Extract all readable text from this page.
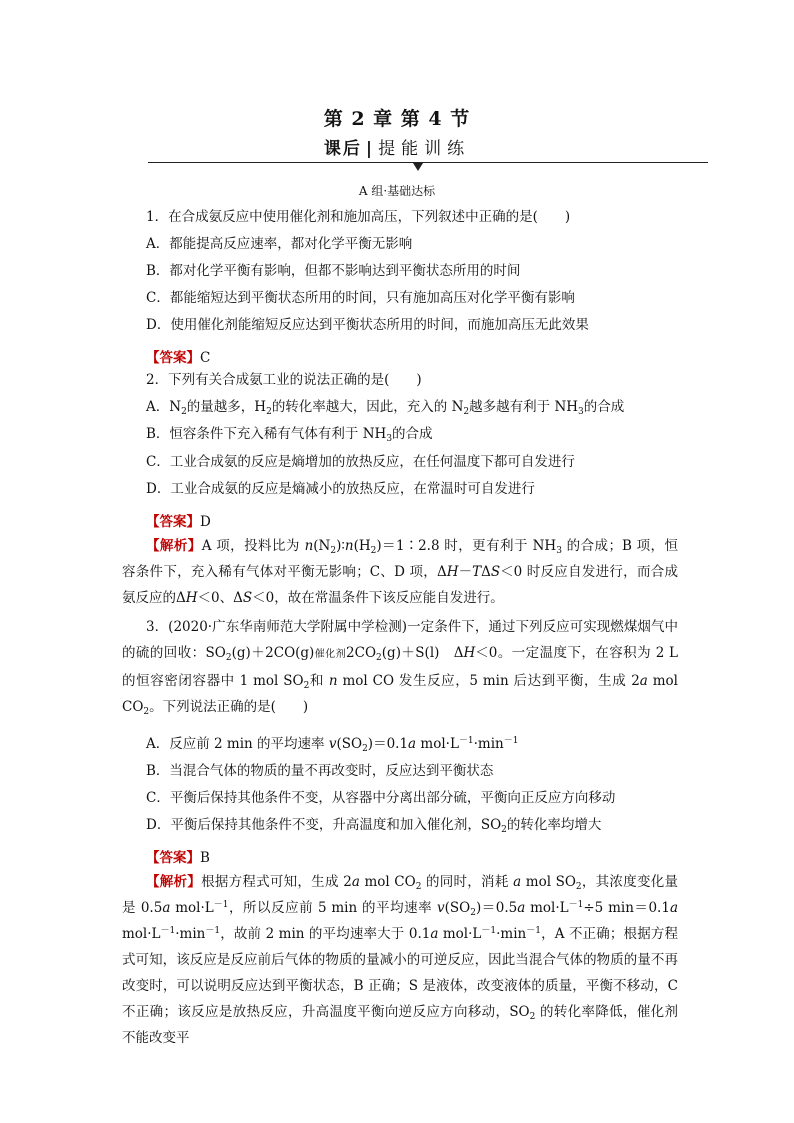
第 2 章 第 4 节
课后 | 提能训练
A 组·基础达标
1．在合成氨反应中使用催化剂和施加高压，下列叙述中正确的是(　　)
A．都能提高反应速率，都对化学平衡无影响
B．都对化学平衡有影响，但都不影响达到平衡状态所用的时间
C．都能缩短达到平衡状态所用的时间，只有施加高压对化学平衡有影响
D．使用催化剂能缩短反应达到平衡状态所用的时间，而施加高压无此效果
【答案】C
2．下列有关合成氨工业的说法正确的是(　　)
A．$N_2$的量越多，$H_2$的转化率越大，因此，充入的 $N_2$越多越有利于 $NH_3$的合成
B．恒容条件下充入稀有气体有利于 $NH_3$的合成
C．工业合成氨的反应是熵增加的放热反应，在任何温度下都可自发进行
D．工业合成氨的反应是熵减小的放热反应，在常温时可自发进行
【答案】D
【解析】A 项，投料比为 $n(N_2)∶n(H_2)=1∶2.8$ 时，更有利于 $NH_3$ 的合成；B 项，恒容条件下，充入稀有气体对平衡无影响；C、D 项，ΔH－TΔS＜0 时反应自发进行，而合成氨反应的ΔH＜0、ΔS＜0，故在常温条件下该反应能自发进行。
3．(2020·广东华南师范大学附属中学检测)一定条件下，通过下列反应可实现燃煤烟气中的硫的回收：$SO_2(g)+2CO(g)$催化剂$2CO_2(g)+S(l)$　ΔH＜0。一定温度下，在容积为 2 L 的恒容密闭容器中 1 mol $SO_2$和 n mol CO 发生反应，5 min 后达到平衡，生成 2a mol $CO_2$。下列说法正确的是(　　)
A．反应前 2 min 的平均速率 $v(SO_2)=0.1a$ $mol\cdot L^{-1}\cdot\min^{-1}$
B．当混合气体的物质的量不再改变时，反应达到平衡状态
C．平衡后保持其他条件不变，从容器中分离出部分硫，平衡向正反应方向移动
D．平衡后保持其他条件不变，升高温度和加入催化剂，$SO_2$的转化率均增大
【答案】B
【解析】根据方程式可知，生成 2a mol $CO_2$ 的同时，消耗 a mol $SO_2$，其浓度变化量是 0.5a $mol\cdot L^{-1}$，所以反应前 5 min 的平均速率 $v(SO_2)=0.5a$ $mol\cdot L^{-1}\div 5$ min＝0.1a $mol\cdot L^{-1}\cdot\min^{-1}$，故前 2 min 的平均速率大于 0.1a $mol\cdot L^{-1}\cdot\min^{-1}$，A 不正确；根据方程式可知，该反应是反应前后气体的物质的量减小的可逆反应，因此当混合气体的物质的量不再改变时，可以说明反应达到平衡状态，B 正确；S 是液体，改变液体的质量，平衡不移动，C 不正确；该反应是放热反应，升高温度平衡向逆反应方向移动，$SO_2$ 的转化率降低，催化剂不能改变平
